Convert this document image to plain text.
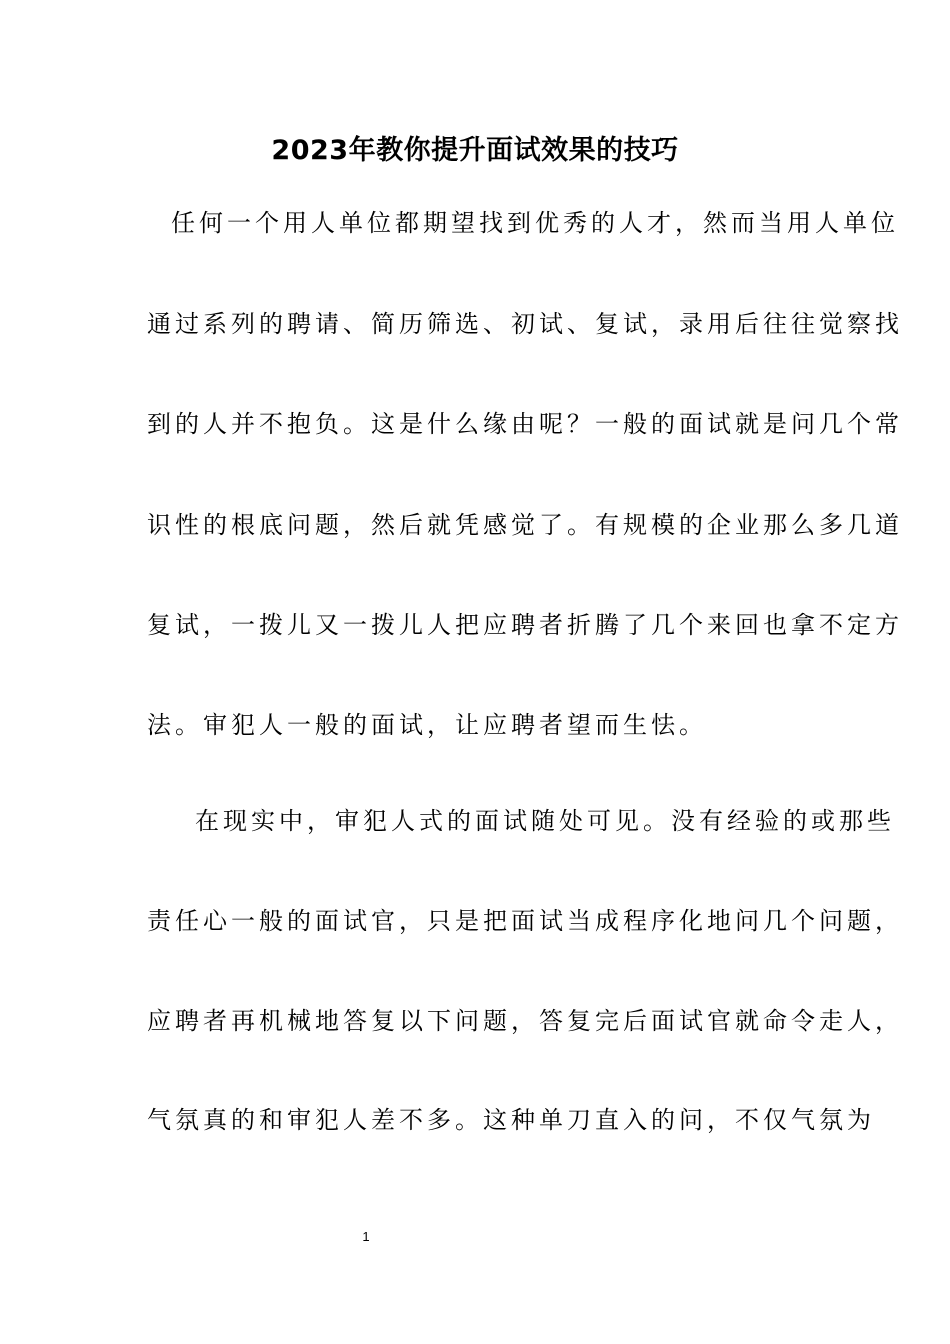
2023年教你提升面试效果的技巧
任何一个用人单位都期望找到优秀的人才，然而当用人单位
通过系列的聘请、简历筛选、初试、复试，录用后往往觉察找
到的人并不抱负。这是什么缘由呢？一般的面试就是问几个常
识性的根底问题，然后就凭感觉了。有规模的企业那么多几道
复试，一拨儿又一拨儿人把应聘者折腾了几个来回也拿不定方
法。审犯人一般的面试，让应聘者望而生怯。
在现实中，审犯人式的面试随处可见。没有经验的或那些
责任心一般的面试官，只是把面试当成程序化地问几个问题，
应聘者再机械地答复以下问题，答复完后面试官就命令走人，
气氛真的和审犯人差不多。这种单刀直入的问，不仅气氛为
1
